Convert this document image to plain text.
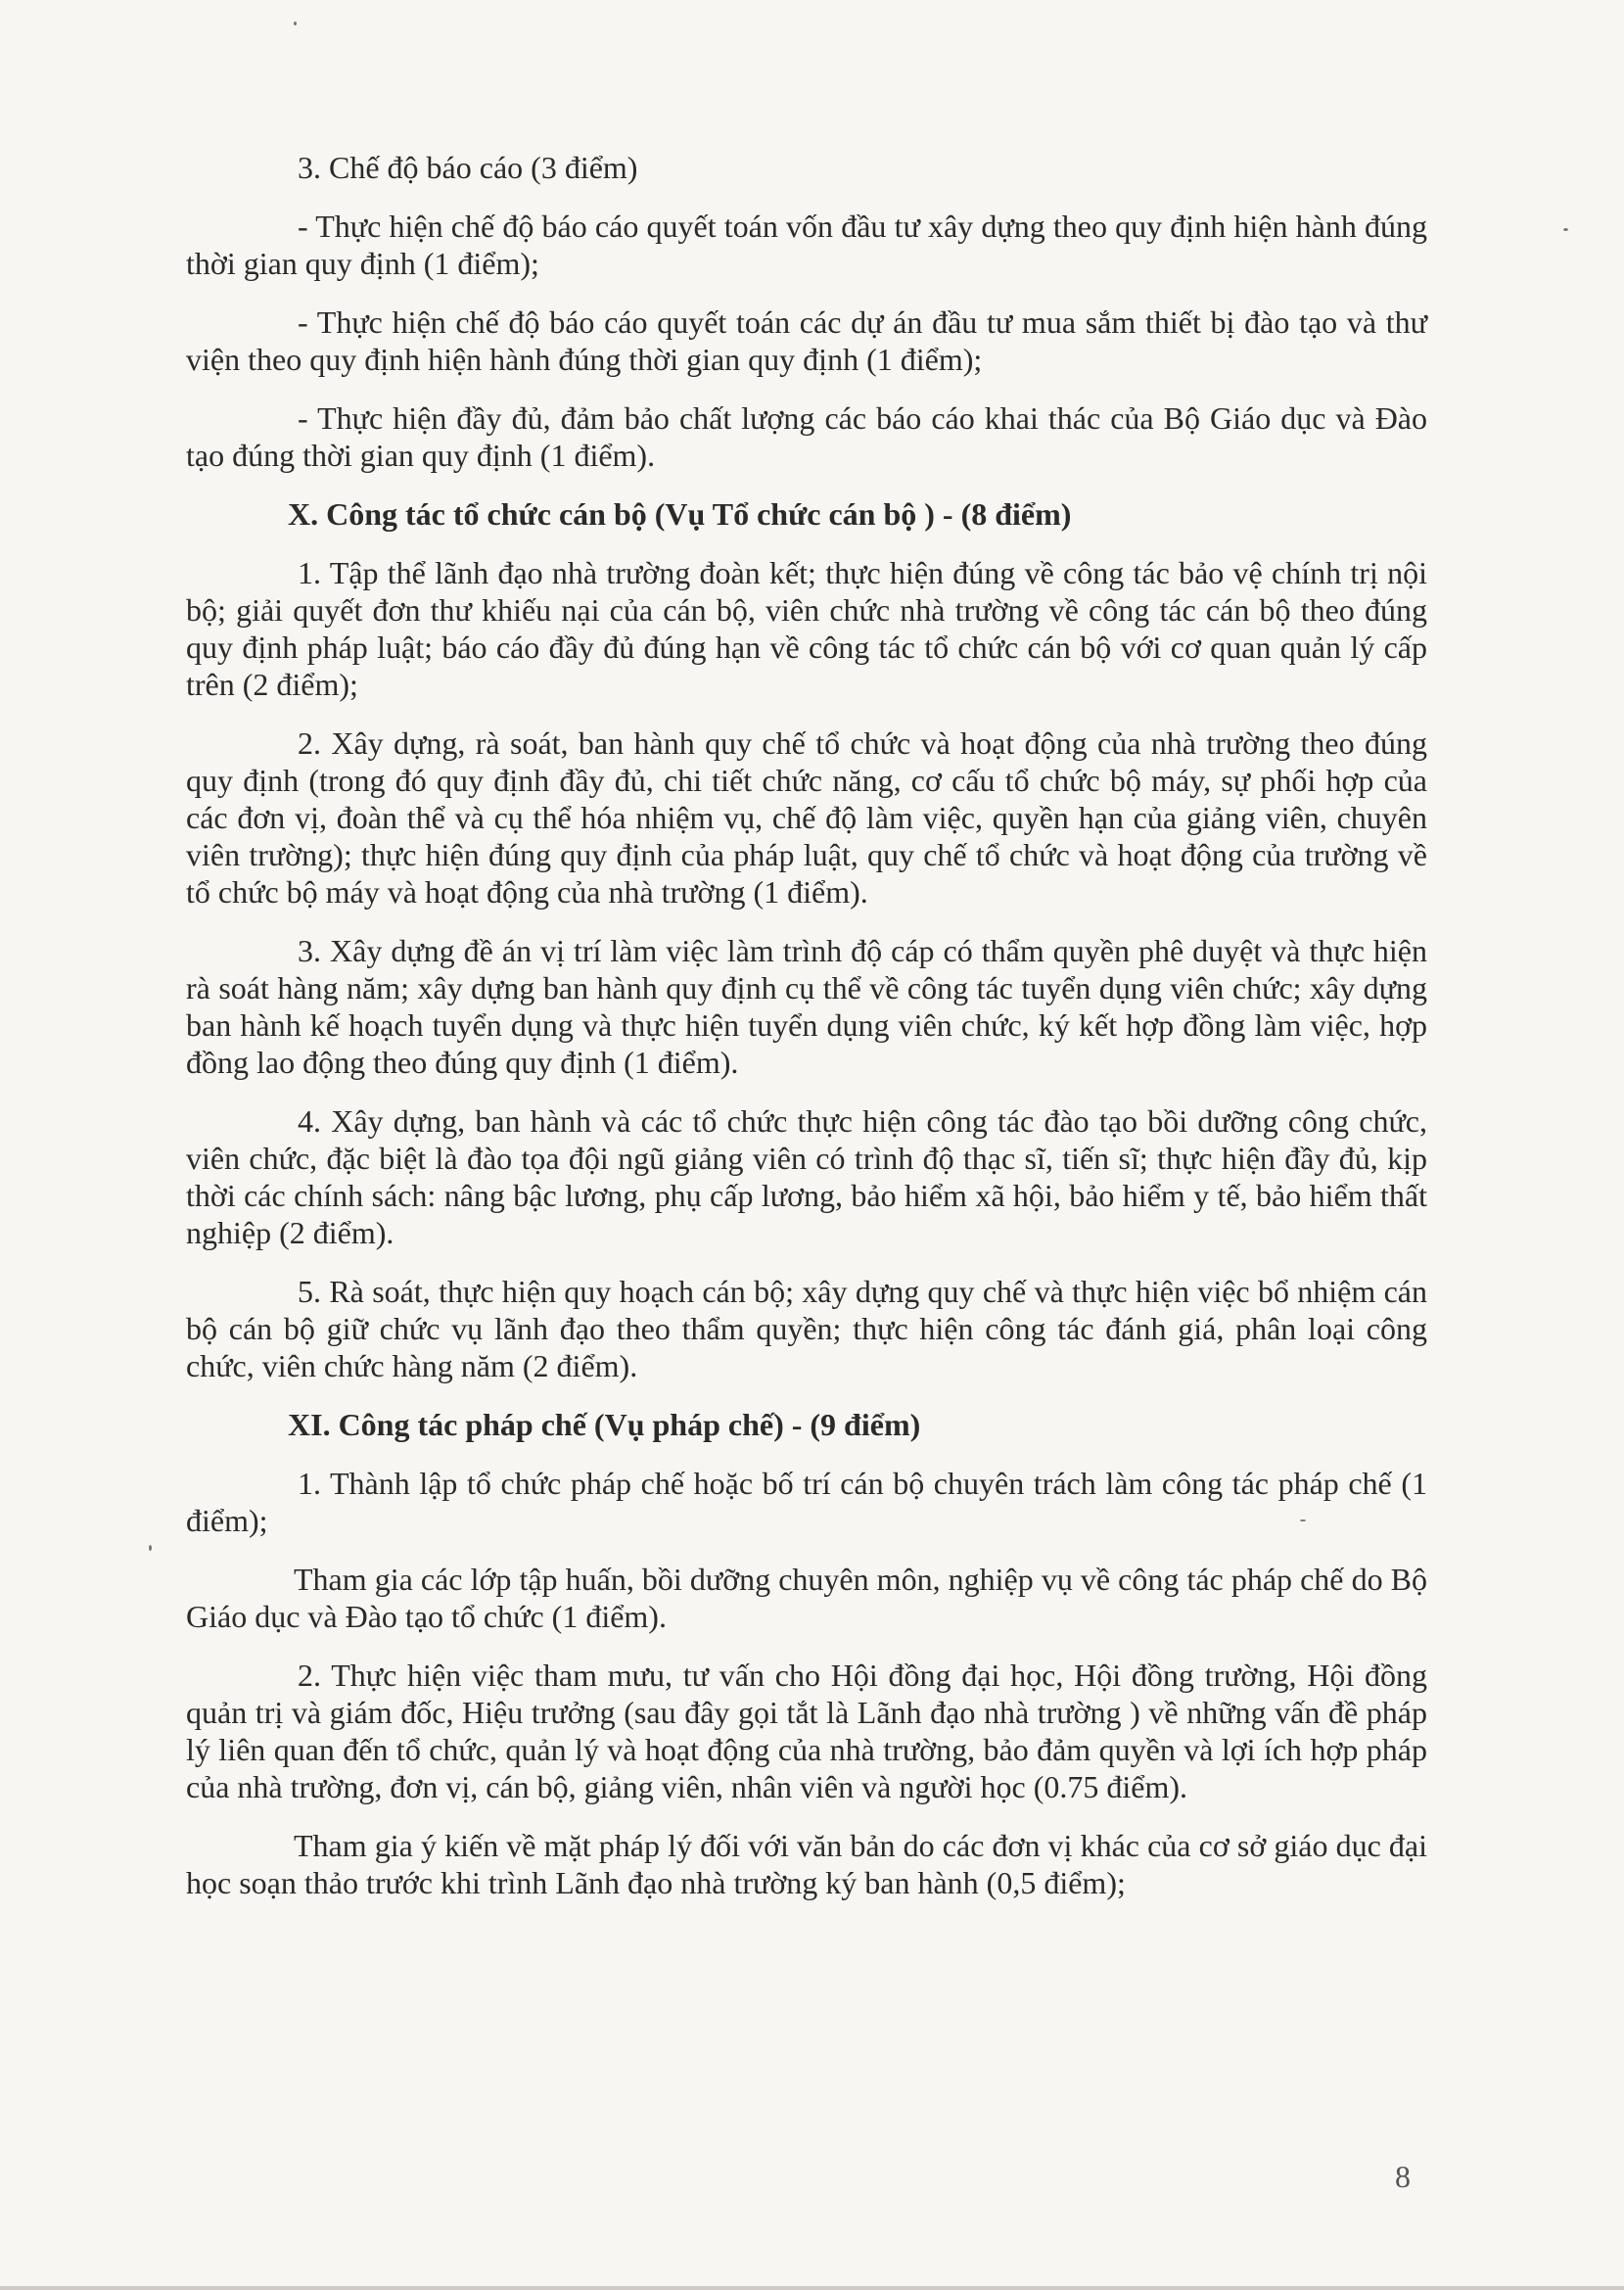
3. Chế độ báo cáo (3 điểm)

- Thực hiện chế độ báo cáo quyết toán vốn đầu tư xây dựng theo quy định hiện hành đúng thời gian quy định (1 điểm);

- Thực hiện chế độ báo cáo quyết toán các dự án đầu tư mua sắm thiết bị đào tạo và thư viện theo quy định hiện hành đúng thời gian quy định (1 điểm);

- Thực hiện đầy đủ, đảm bảo chất lượng các báo cáo khai thác của Bộ Giáo dục và Đào tạo đúng thời gian quy định (1 điểm).

X. Công tác tổ chức cán bộ (Vụ Tổ chức cán bộ ) - (8 điểm)

1. Tập thể lãnh đạo nhà trường đoàn kết; thực hiện đúng về công tác bảo vệ chính trị nội bộ; giải quyết đơn thư khiếu nại của cán bộ, viên chức nhà trường về công tác cán bộ theo đúng quy định pháp luật; báo cáo đầy đủ đúng hạn về công tác tổ chức cán bộ với cơ quan quản lý cấp trên (2 điểm);

2. Xây dựng, rà soát, ban hành quy chế tổ chức và hoạt động của nhà trường theo đúng quy định (trong đó quy định đầy đủ, chi tiết chức năng, cơ cấu tổ chức bộ máy, sự phối hợp của các đơn vị, đoàn thể và cụ thể hóa nhiệm vụ, chế độ làm việc, quyền hạn của giảng viên, chuyên viên trường); thực hiện đúng quy định của pháp luật, quy chế tổ chức và hoạt động của trường về tổ chức bộ máy và hoạt động của nhà trường (1 điểm).

3. Xây dựng đề án vị trí làm việc làm trình độ cáp có thẩm quyền phê duyệt và thực hiện rà soát hàng năm; xây dựng ban hành quy định cụ thể về công tác tuyển dụng viên chức; xây dựng ban hành kế hoạch tuyển dụng và thực hiện tuyển dụng viên chức, ký kết hợp đồng làm việc, hợp đồng lao động theo đúng quy định (1 điểm).

4. Xây dựng, ban hành và các tổ chức thực hiện công tác đào tạo bồi dưỡng công chức, viên chức, đặc biệt là đào tọa đội ngũ giảng viên có trình độ thạc sĩ, tiến sĩ; thực hiện đầy đủ, kịp thời các chính sách: nâng bậc lương, phụ cấp lương, bảo hiểm xã hội, bảo hiểm y tế, bảo hiểm thất nghiệp (2 điểm).

5. Rà soát, thực hiện quy hoạch cán bộ; xây dựng quy chế và thực hiện việc bổ nhiệm cán bộ cán bộ giữ chức vụ lãnh đạo theo thẩm quyền; thực hiện công tác đánh giá, phân loại công chức, viên chức hàng năm (2 điểm).

XI. Công tác pháp chế (Vụ pháp chế) - (9 điểm)

1. Thành lập tổ chức pháp chế hoặc bố trí cán bộ chuyên trách làm công tác pháp chế (1 điểm);

Tham gia các lớp tập huấn, bồi dưỡng chuyên môn, nghiệp vụ về công tác pháp chế do Bộ Giáo dục và Đào tạo tổ chức (1 điểm).

2. Thực hiện việc tham mưu, tư vấn cho Hội đồng đại học, Hội đồng trường, Hội đồng quản trị và giám đốc, Hiệu trưởng (sau đây gọi tắt là Lãnh đạo nhà trường ) về những vấn đề pháp lý liên quan đến tổ chức, quản lý và hoạt động của nhà trường, bảo đảm quyền và lợi ích hợp pháp của nhà trường, đơn vị, cán bộ, giảng viên, nhân viên và người học (0.75 điểm).

Tham gia ý kiến về mặt pháp lý đối với văn bản do các đơn vị khác của cơ sở giáo dục đại học soạn thảo trước khi trình Lãnh đạo nhà trường ký ban hành (0,5 điểm);

8
